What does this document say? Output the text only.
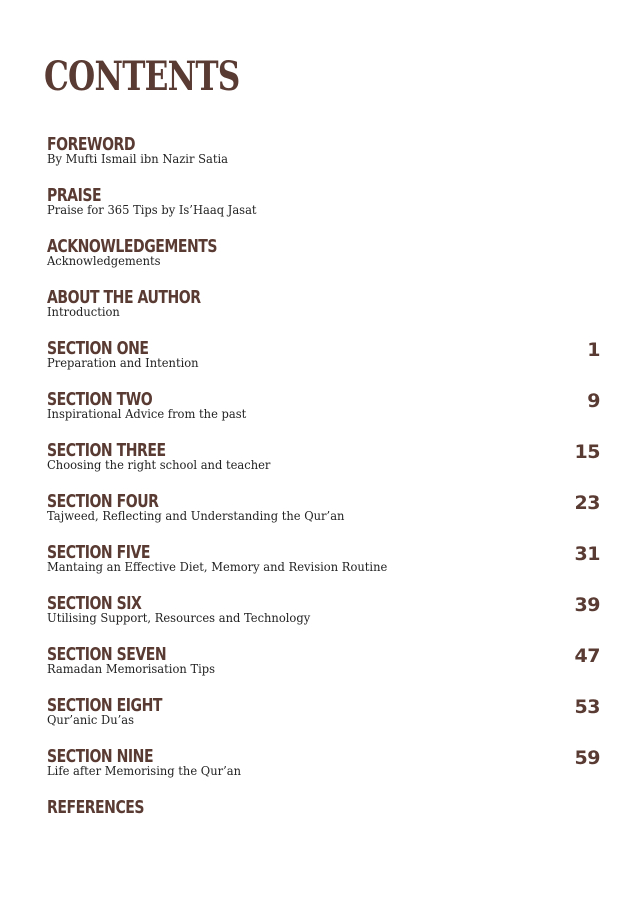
CONTENTS
FOREWORD
By Mufti Ismail ibn Nazir Satia
PRAISE
Praise for 365 Tips by Is’Haaq Jasat
ACKNOWLEDGEMENTS
Acknowledgements
ABOUT THE AUTHOR
Introduction
SECTION ONE
Preparation and Intention
1
SECTION TWO
Inspirational Advice from the past
9
SECTION THREE
Choosing the right school and teacher
15
SECTION FOUR
Tajweed, Reflecting and Understanding the Qur’an
23
SECTION FIVE
Mantaing an Effective Diet, Memory and Revision Routine
31
SECTION SIX
Utilising Support, Resources and Technology
39
SECTION SEVEN
Ramadan Memorisation Tips
47
SECTION EIGHT
Qur’anic Du’as
53
SECTION NINE
Life after Memorising the Qur’an
59
REFERENCES
